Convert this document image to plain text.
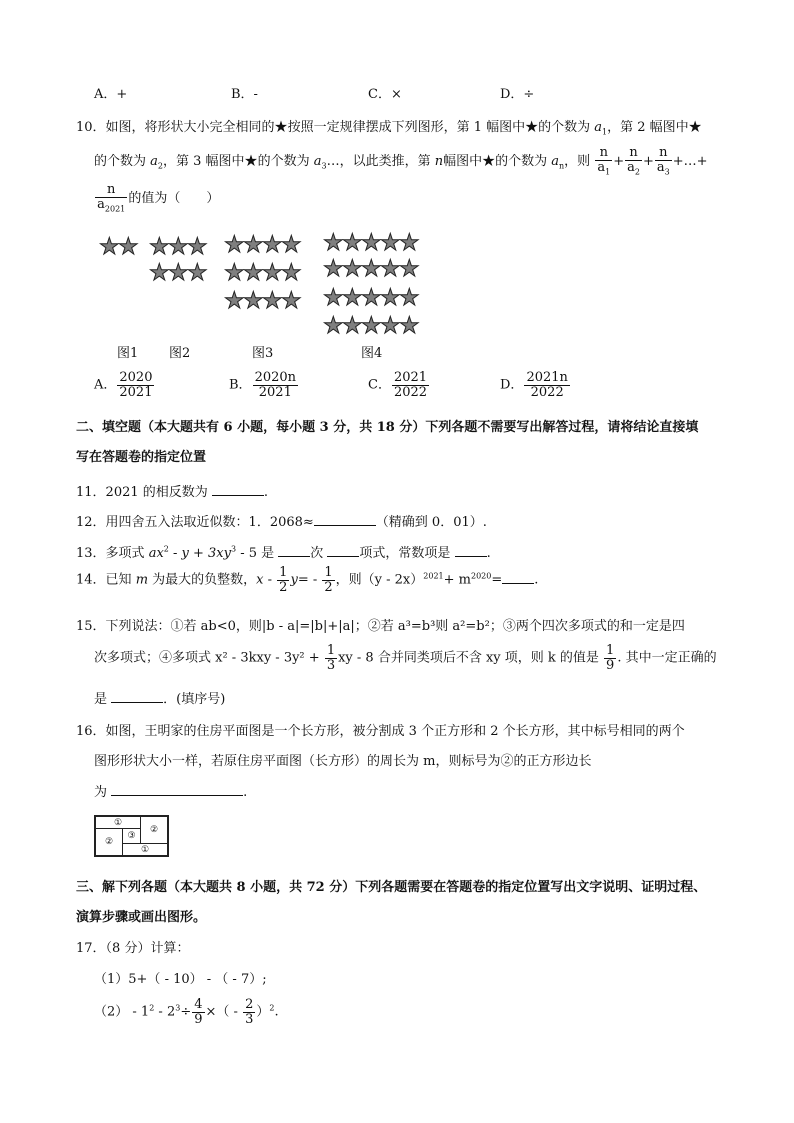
A．+	B．-	C．×	D．÷
10．如图，将形状大小完全相同的★按照一定规律摆成下列图形，第 1 幅图中★的个数为 $a_1$，第 2 幅图中★
的个数为 $a_2$，第 3 幅图中★的个数为 $a_3\dots$，以此类推，第 n幅图中★的个数为 $a_n$，则 $\frac{n}{a_1} + \frac{n}{a_2} + \frac{n}{a_3}$ +…+
$\frac{n}{a_{2021}}$ 的值为（　　）
★
★ ★
★
★
★
★
★
★
★
★
★
★
★
★
★
★
★
★
★
★
★
★
★
★
★
★
★
★
★
★
★
★
★
★
★
★
★
★
★
图1 图2	图3	图4
A． $\frac{2020}{2021}$	B． $\frac{2020n}{2021}$	C． $\frac{2021}{2022}$	D． $\frac{2021n}{2022}$
二、填空题（本大题共有 6 小题，每小题 3 分，共 18 分）下列各题不需要写出解答过程，请将结论直接填
写在答题卷的指定位置
11．2021 的相反数为	.
12．用四舍五入法取近似数：1．2068≈	（精确到 0．01）.
13．多项式 $ax^2 - y + 3xy^3 - 5$ 是 次 项式，常数项是 .
14．已知 m 为最大的负整数，$x - \frac{1}{2} y= - \frac{1}{2}$ ，则$(y - 2x)^{2021}+ m^{2020}=$ .
15．下列说法：①若 ab<0，则|b - a|=|b|+|a|；②若 a³=b³则 a²=b²；③两个四次多项式的和一定是四
次多项式；④多项式 $x^2 - 3kxy - 3y^2 + \frac{1}{3}$ xy - 8 合并同类项后不含 xy 项，则 k 的值是 $\frac{1}{9}$ . 其中一定正确的
是	．(填序号)
16．如图，王明家的住房平面图是一个长方形，被分割成 3 个正方形和 2 个长方形，其中标号相同的两个
图形形状大小一样，若原住房平面图（长方形）的周长为 m，则标号为②的正方形边长
为	.
①
②
③
②
①
三、解下列各题（本大题共 8 小题，共 72 分）下列各题需要在答题卷的指定位置写出文字说明、证明过程、
演算步骤或画出图形。
17．（8 分）计算：
（1）5+（ - 10） - （ - 7）;
$(2) - 1^2 - 2^3\div \frac{4}{9}$ ×（ - $\frac{2}{3} )^2$.
